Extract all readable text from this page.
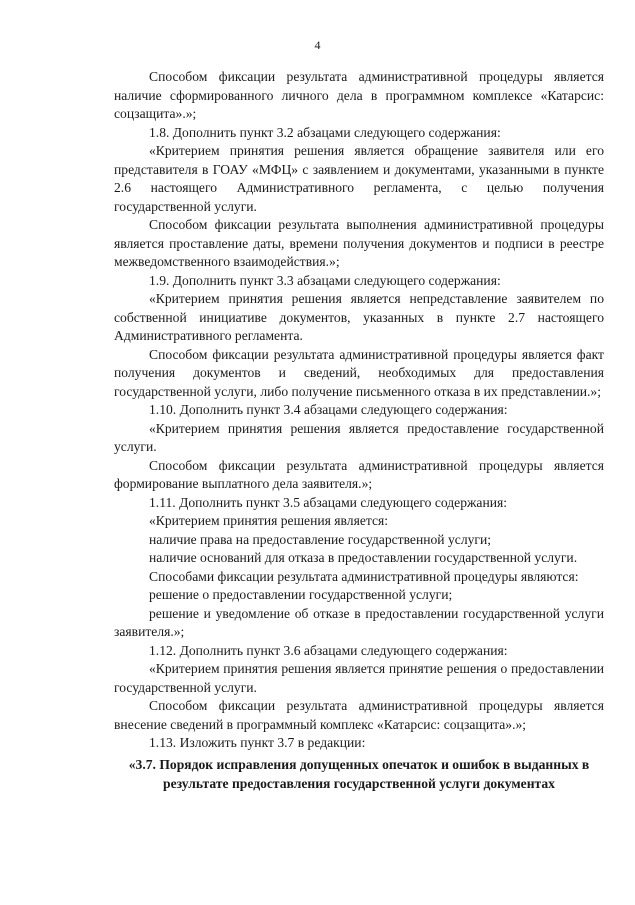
4

Способом фиксации результата административной процедуры является наличие сформированного личного дела в программном комплексе «Катарсис: соцзащита».»;

1.8. Дополнить пункт 3.2 абзацами следующего содержания:

«Критерием принятия решения является обращение заявителя или его представителя в ГОАУ «МФЦ» с заявлением и документами, указанными в пункте 2.6 настоящего Административного регламента, с целью получения государственной услуги.

Способом фиксации результата выполнения административной процедуры является проставление даты, времени получения документов и подписи в реестре межведомственного взаимодействия.»;

1.9. Дополнить пункт 3.3 абзацами следующего содержания:

«Критерием принятия решения является непредставление заявителем по собственной инициативе документов, указанных в пункте 2.7 настоящего Административного регламента.

Способом фиксации результата административной процедуры является факт получения документов и сведений, необходимых для предоставления государственной услуги, либо получение письменного отказа в их представлении.»;

1.10. Дополнить пункт 3.4 абзацами следующего содержания:

«Критерием принятия решения является предоставление государственной услуги.

Способом фиксации результата административной процедуры является формирование выплатного дела заявителя.»;

1.11. Дополнить пункт 3.5 абзацами следующего содержания:

«Критерием принятия решения является:

наличие права на предоставление государственной услуги;

наличие оснований для отказа в предоставлении государственной услуги.

Способами фиксации результата административной процедуры являются:

решение о предоставлении государственной услуги;

решение и уведомление об отказе в предоставлении государственной услуги заявителя.»;

1.12. Дополнить пункт 3.6 абзацами следующего содержания:

«Критерием принятия решения является принятие решения о предоставлении государственной услуги.

Способом фиксации результата административной процедуры является внесение сведений в программный комплекс «Катарсис: соцзащита».»;

1.13. Изложить пункт 3.7 в редакции:

«3.7. Порядок исправления допущенных опечаток и ошибок в выданных в результате предоставления государственной услуги документах
